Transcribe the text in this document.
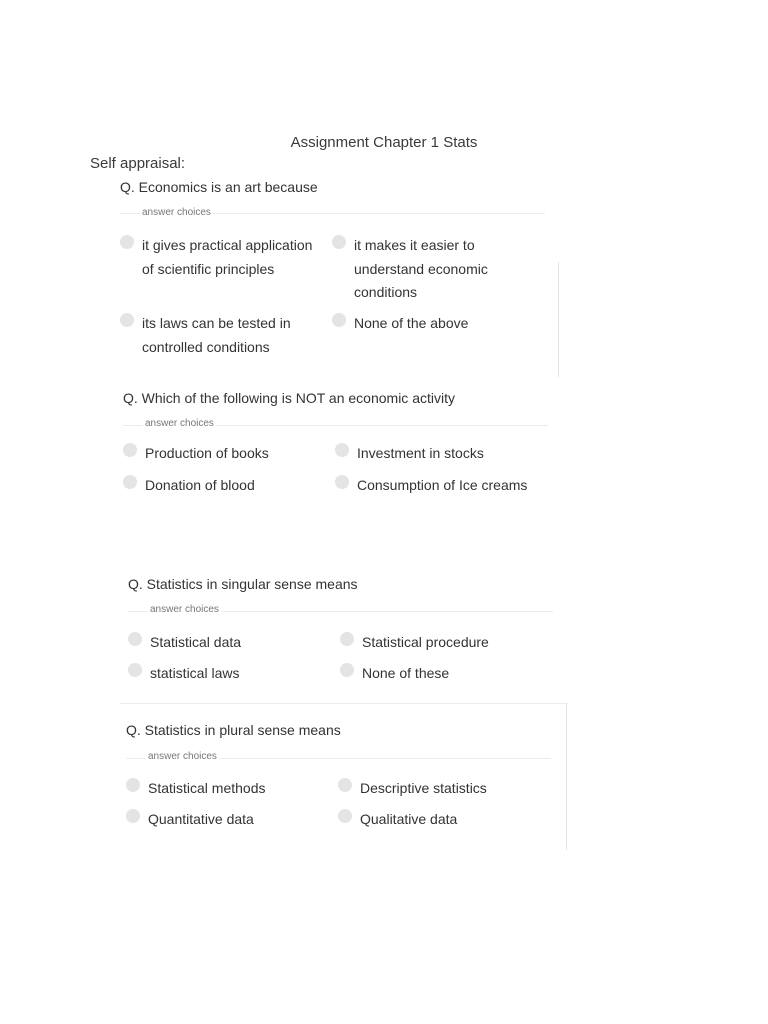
Assignment Chapter 1 Stats
Self appraisal:
Q. Economics is an art because
answer choices
it gives practical application of scientific principles
it makes it easier to understand economic conditions
its laws can be tested in controlled conditions
None of the above
Q. Which of the following is NOT an economic activity
answer choices
Production of books	Investment in stocks
Donation of blood	Consumption of Ice creams
Q. Statistics in singular sense means
answer choices
Statistical data	Statistical procedure
statistical laws	None of these
Q. Statistics in plural sense means
answer choices
Statistical methods	Descriptive statistics
Quantitative data	Qualitative data
